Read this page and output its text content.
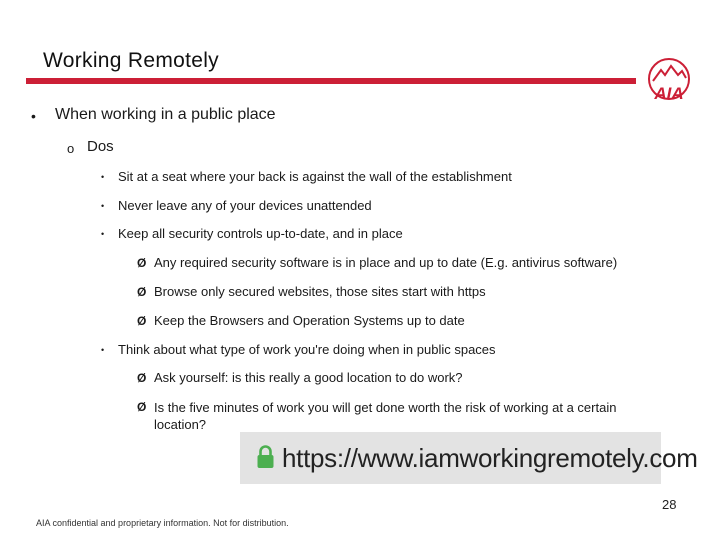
Working Remotely
AIA
• When working in a public place
o Dos
• Sit at a seat where your back is against the wall of the establishment
• Never leave any of your devices unattended
• Keep all security controls up-to-date, and in place
Ø Any required security software is in place and up to date (E.g. antivirus software)
Ø Browse only secured websites, those sites start with https
Ø Keep the Browsers and Operation Systems up to date
• Think about what type of work you're doing when in public spaces
Ø Ask yourself: is this really a good location to do work?
Ø Is the five minutes of work you will get done worth the risk of working at a certain location?
https://www.iamworkingremotely.com
28
AIA confidential and proprietary information. Not for distribution.
